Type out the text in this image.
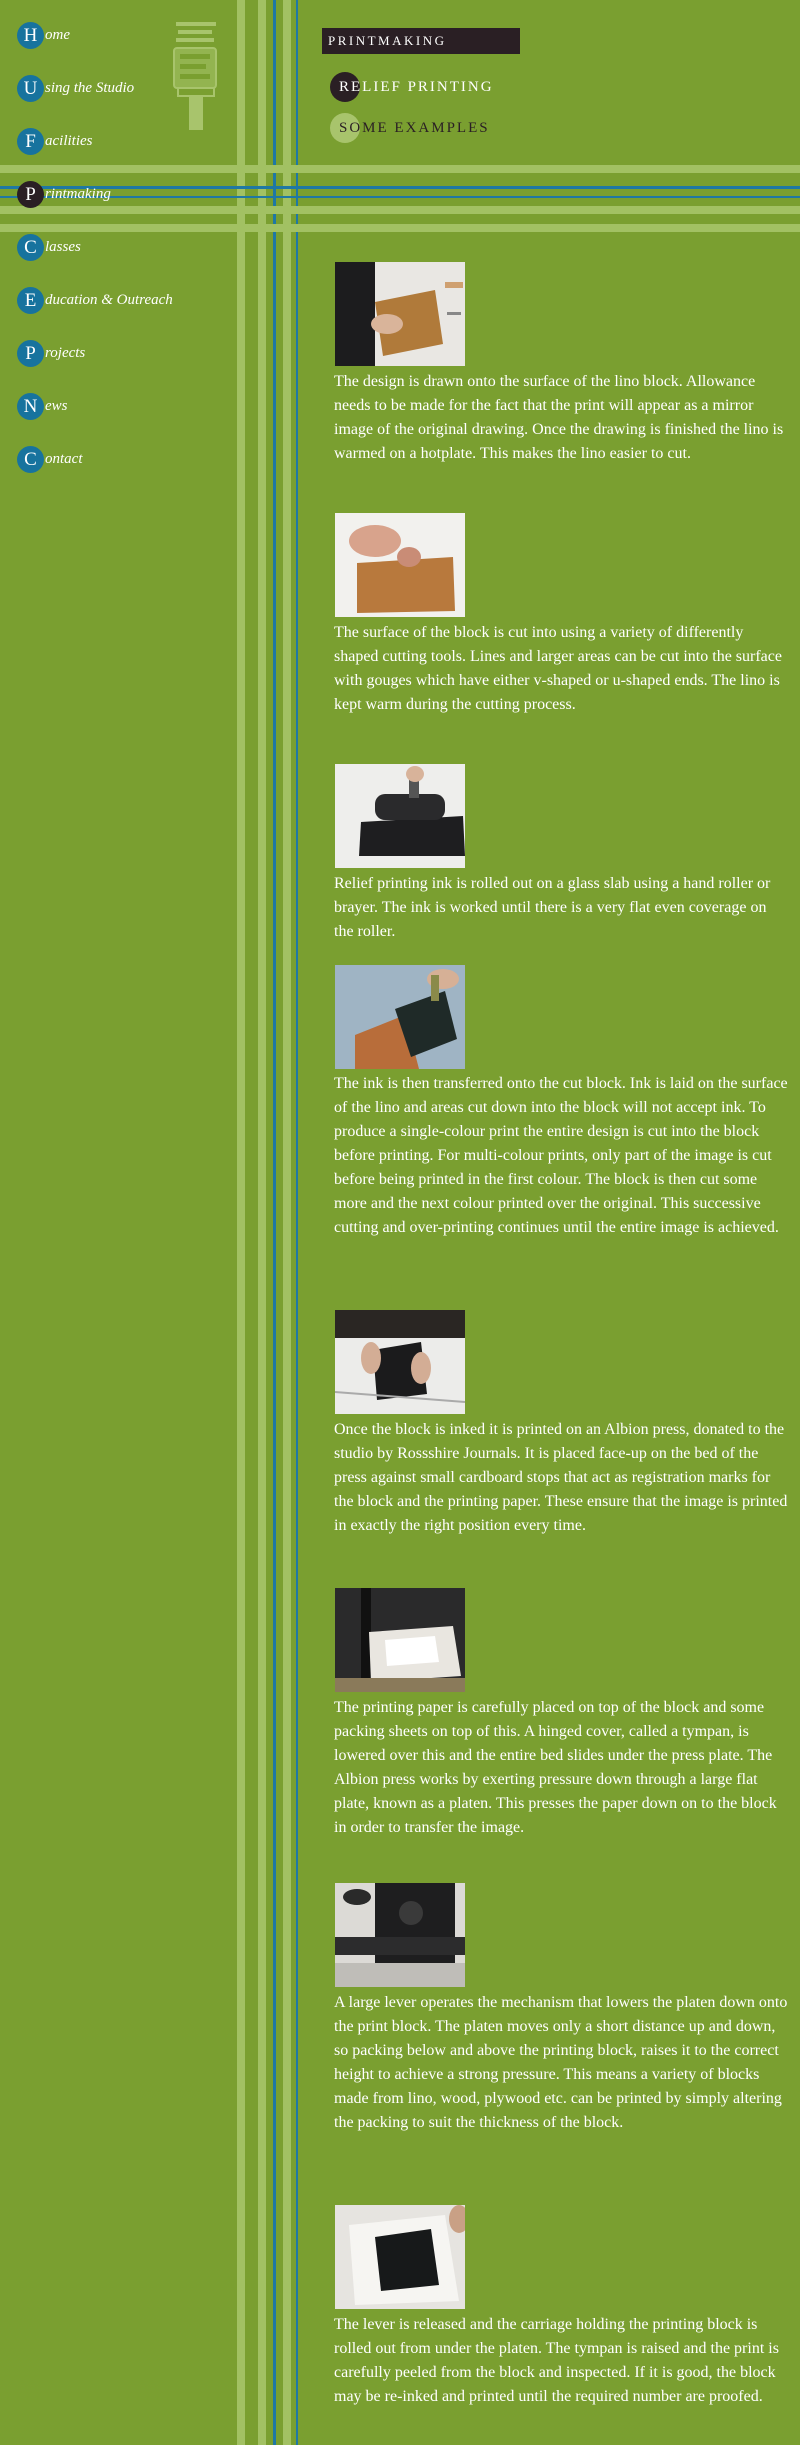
H ome
U sing the Studio
F acilities
P rintmaking
C lasses
E ducation & Outreach
P rojects
N ews
C ontact
PRINTMAKING
RELIEF PRINTING
SOME EXAMPLES
The design is drawn onto the surface of the lino block. Allowance needs to be made for the fact that the print will appear as a mirror image of the original drawing. Once the drawing is finished the lino is warmed on a hotplate. This makes the lino easier to cut.
The surface of the block is cut into using a variety of differently shaped cutting tools. Lines and larger areas can be cut into the surface with gouges which have either v-shaped or u-shaped ends. The lino is kept warm during the cutting process.
Relief printing ink is rolled out on a glass slab using a hand roller or brayer. The ink is worked until there is a very flat even coverage on the roller.
The ink is then transferred onto the cut block. Ink is laid on the surface of the lino and areas cut down into the block will not accept ink. To produce a single-colour print the entire design is cut into the block before printing. For multi-colour prints, only part of the image is cut before being printed in the first colour. The block is then cut some more and the next colour printed over the original. This successive cutting and over-printing continues until the entire image is achieved.
Once the block is inked it is printed on an Albion press, donated to the studio by Rossshire Journals. It is placed face-up on the bed of the press against small cardboard stops that act as registration marks for the block and the printing paper. These ensure that the image is printed in exactly the right position every time.
The printing paper is carefully placed on top of the block and some packing sheets on top of this. A hinged cover, called a tympan, is lowered over this and the entire bed slides under the press plate. The Albion press works by exerting pressure down through a large flat plate, known as a platen. This presses the paper down on to the block in order to transfer the image.
A large lever operates the mechanism that lowers the platen down onto the print block. The platen moves only a short distance up and down, so packing below and above the printing block, raises it to the correct height to achieve a strong pressure. This means a variety of blocks made from lino, wood, plywood etc. can be printed by simply altering the packing to suit the thickness of the block.
The lever is released and the carriage holding the printing block is rolled out from under the platen. The tympan is raised and the print is carefully peeled from the block and inspected. If it is good, the block may be re-inked and printed until the required number are proofed.
